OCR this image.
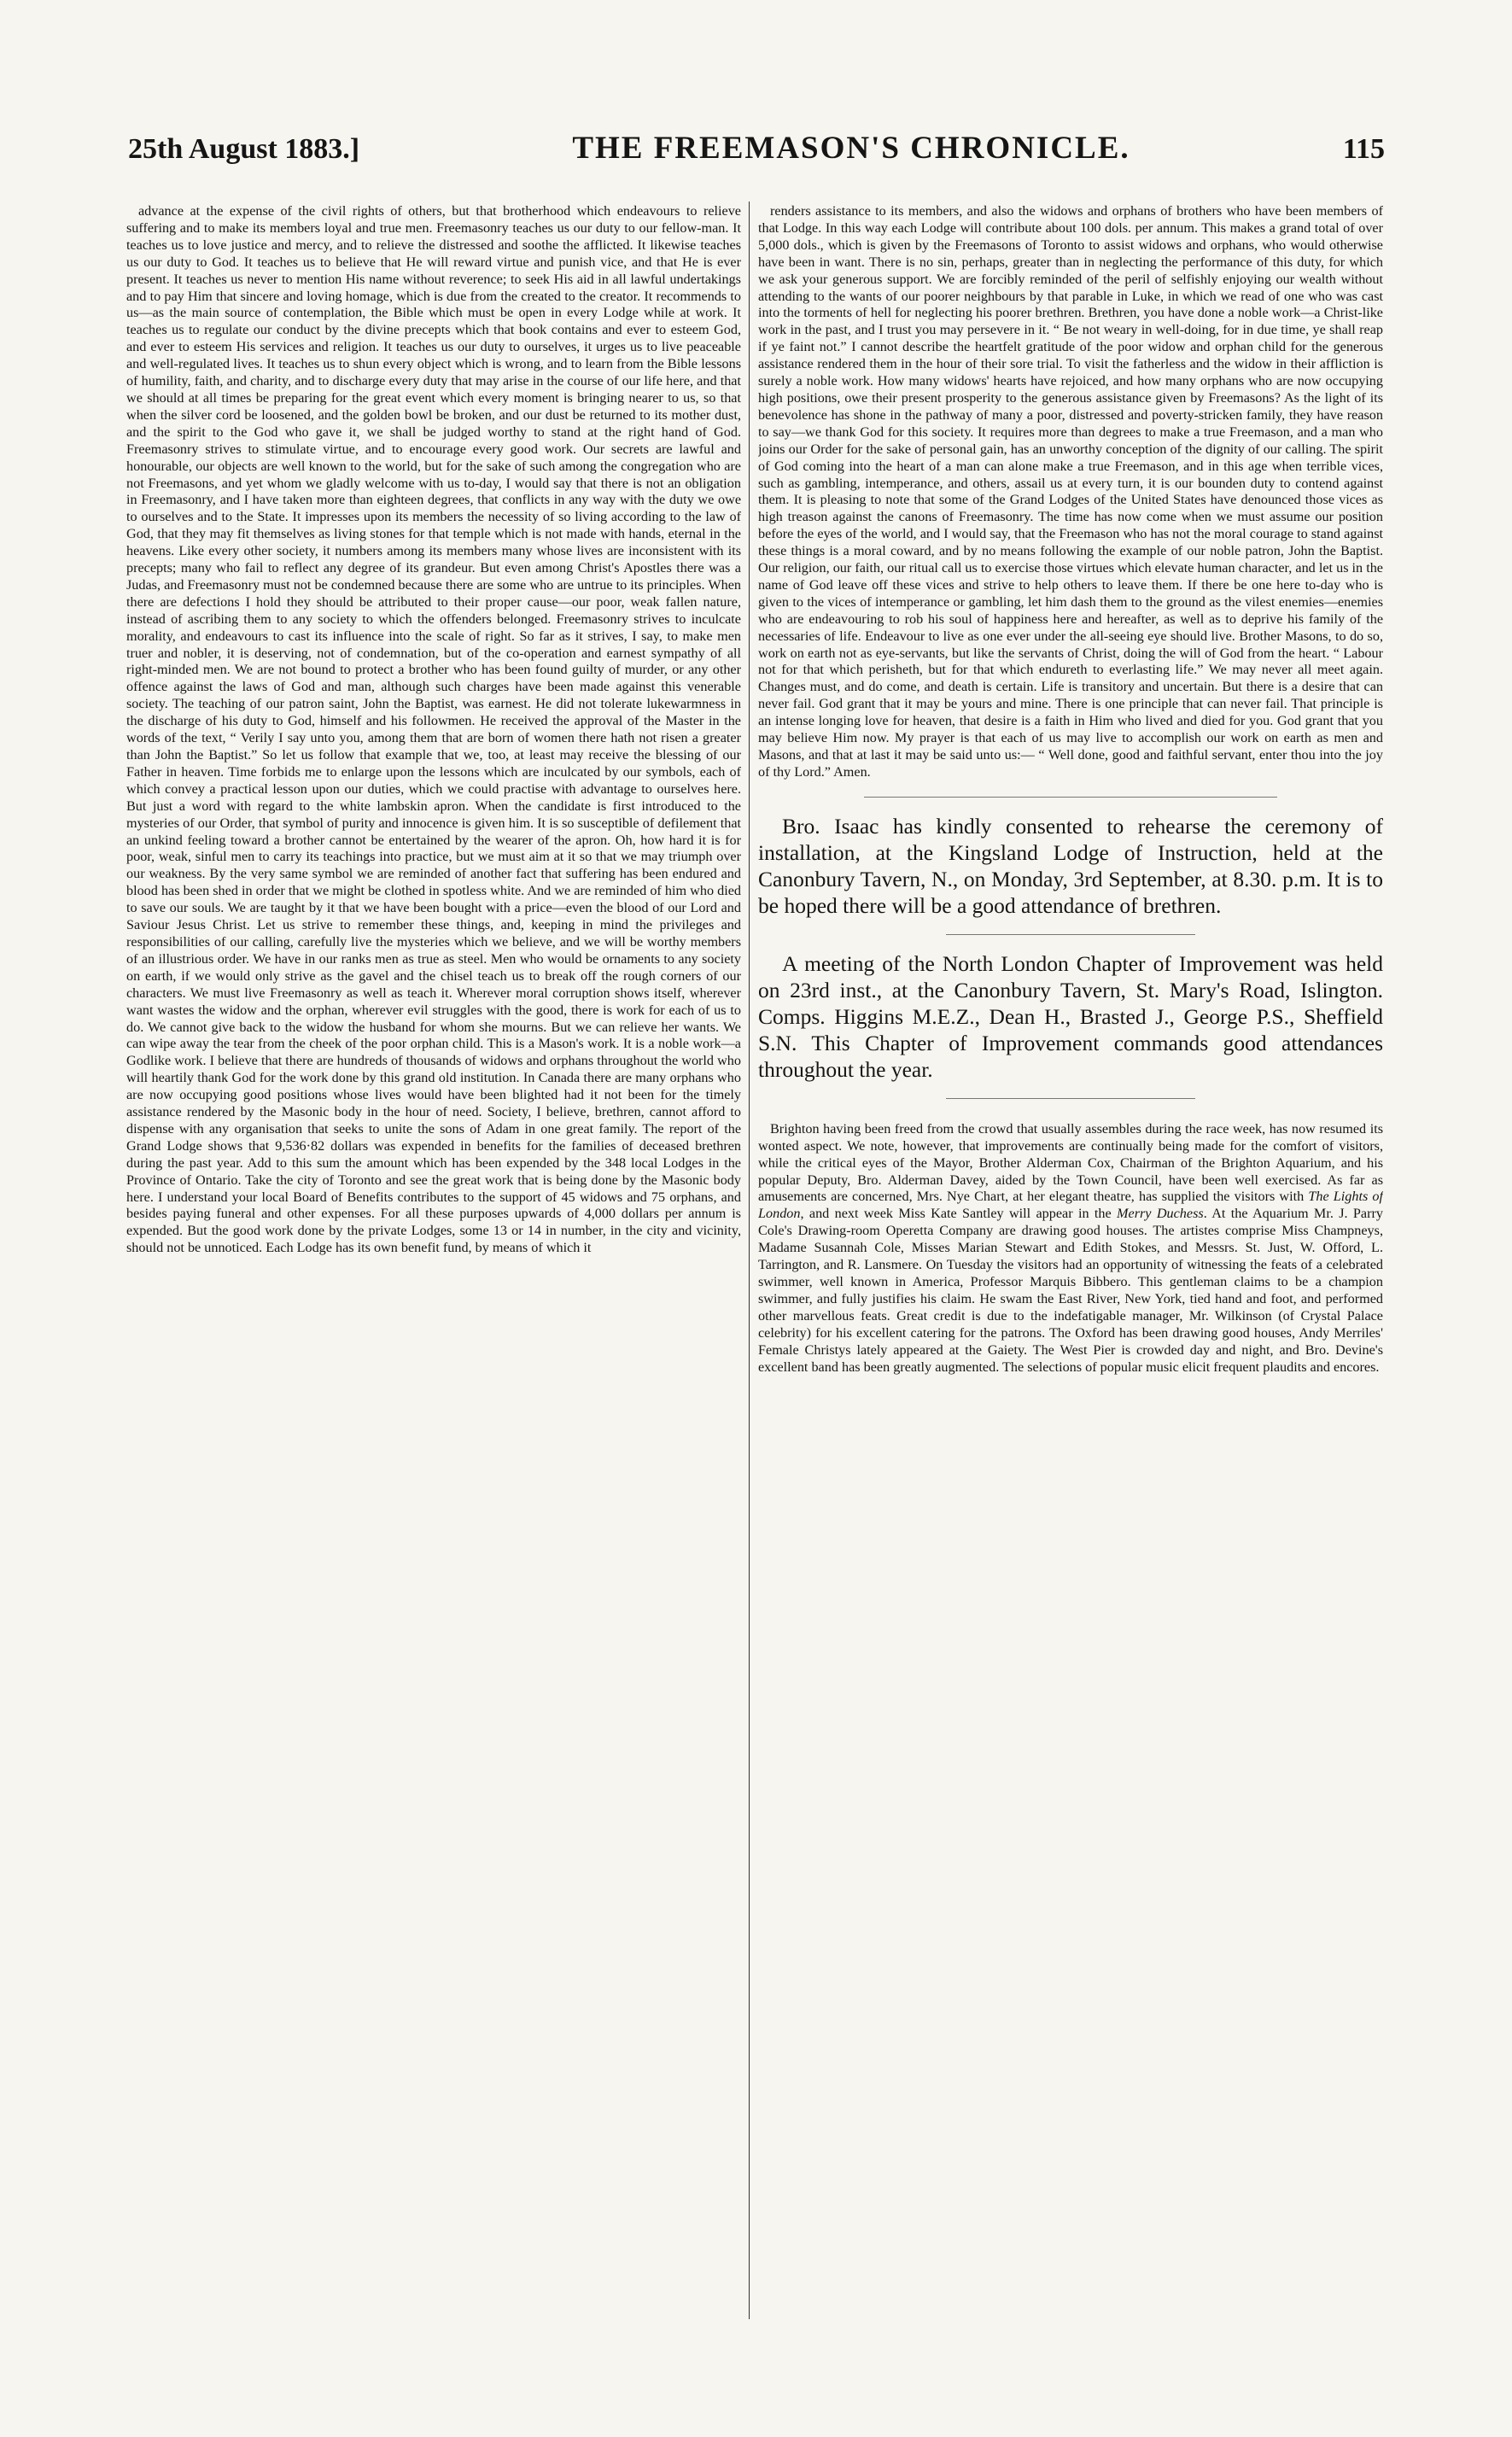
25th August 1883.]	THE FREEMASON'S CHRONICLE.	115

advance at the expense of the civil rights of others, but that brotherhood which endeavours to relieve suffering and to make its members loyal and true men. Freemasonry teaches us our duty to our fellow-man. It teaches us to love justice and mercy, and to relieve the distressed and soothe the afflicted. It likewise teaches us our duty to God. It teaches us to believe that He will reward virtue and punish vice, and that He is ever present. It teaches us never to mention His name without reverence; to seek His aid in all lawful undertakings and to pay Him that sincere and loving homage, which is due from the created to the creator. It recommends to us—as the main source of contemplation, the Bible which must be open in every Lodge while at work. It teaches us to regulate our conduct by the divine precepts which that book contains and ever to esteem God, and ever to esteem His services and religion. It teaches us our duty to ourselves, it urges us to live peaceable and well-regulated lives. It teaches us to shun every object which is wrong, and to learn from the Bible lessons of humility, faith, and charity, and to discharge every duty that may arise in the course of our life here, and that we should at all times be preparing for the great event which every moment is bringing nearer to us, so that when the silver cord be loosened, and the golden bowl be broken, and our dust be returned to its mother dust, and the spirit to the God who gave it, we shall be judged worthy to stand at the right hand of God. Freemasonry strives to stimulate virtue, and to encourage every good work. Our secrets are lawful and honourable, our objects are well known to the world, but for the sake of such among the congregation who are not Freemasons, and yet whom we gladly welcome with us to-day, I would say that there is not an obligation in Freemasonry, and I have taken more than eighteen degrees, that conflicts in any way with the duty we owe to ourselves and to the State. It impresses upon its members the necessity of so living according to the law of God, that they may fit themselves as living stones for that temple which is not made with hands, eternal in the heavens. Like every other society, it numbers among its members many whose lives are inconsistent with its precepts; many who fail to reflect any degree of its grandeur. But even among Christ's Apostles there was a Judas, and Freemasonry must not be condemned because there are some who are untrue to its principles. When there are defections I hold they should be attributed to their proper cause—our poor, weak fallen nature, instead of ascribing them to any society to which the offenders belonged. Freemasonry strives to inculcate morality, and endeavours to cast its influence into the scale of right. So far as it strives, I say, to make men truer and nobler, it is deserving, not of condemnation, but of the co-operation and earnest sympathy of all right-minded men. We are not bound to protect a brother who has been found guilty of murder, or any other offence against the laws of God and man, although such charges have been made against this venerable society. The teaching of our patron saint, John the Baptist, was earnest. He did not tolerate lukewarmness in the discharge of his duty to God, himself and his followmen. He received the approval of the Master in the words of the text, “ Verily I say unto you, among them that are born of women there hath not risen a greater than John the Baptist.” So let us follow that example that we, too, at least may receive the blessing of our Father in heaven. Time forbids me to enlarge upon the lessons which are inculcated by our symbols, each of which convey a practical lesson upon our duties, which we could practise with advantage to ourselves here. But just a word with regard to the white lambskin apron. When the candidate is first introduced to the mysteries of our Order, that symbol of purity and innocence is given him. It is so susceptible of defilement that an unkind feeling toward a brother cannot be entertained by the wearer of the apron. Oh, how hard it is for poor, weak, sinful men to carry its teachings into practice, but we must aim at it so that we may triumph over our weakness. By the very same symbol we are reminded of another fact that suffering has been endured and blood has been shed in order that we might be clothed in spotless white. And we are reminded of him who died to save our souls. We are taught by it that we have been bought with a price—even the blood of our Lord and Saviour Jesus Christ. Let us strive to remember these things, and, keeping in mind the privileges and responsibilities of our calling, carefully live the mysteries which we believe, and we will be worthy members of an illustrious order. We have in our ranks men as true as steel. Men who would be ornaments to any society on earth, if we would only strive as the gavel and the chisel teach us to break off the rough corners of our characters. We must live Freemasonry as well as teach it. Wherever moral corruption shows itself, wherever want wastes the widow and the orphan, wherever evil struggles with the good, there is work for each of us to do. We cannot give back to the widow the husband for whom she mourns. But we can relieve her wants. We can wipe away the tear from the cheek of the poor orphan child. This is a Mason's work. It is a noble work—a Godlike work. I believe that there are hundreds of thousands of widows and orphans throughout the world who will heartily thank God for the work done by this grand old institution. In Canada there are many orphans who are now occupying good positions whose lives would have been blighted had it not been for the timely assistance rendered by the Masonic body in the hour of need. Society, I believe, brethren, cannot afford to dispense with any organisation that seeks to unite the sons of Adam in one great family. The report of the Grand Lodge shows that 9,536·82 dollars was expended in benefits for the families of deceased brethren during the past year. Add to this sum the amount which has been expended by the 348 local Lodges in the Province of Ontario. Take the city of Toronto and see the great work that is being done by the Masonic body here. I understand your local Board of Benefits contributes to the support of 45 widows and 75 orphans, and besides paying funeral and other expenses. For all these purposes upwards of 4,000 dollars per annum is expended. But the good work done by the private Lodges, some 13 or 14 in number, in the city and vicinity, should not be unnoticed. Each Lodge has its own benefit fund, by means of which it

renders assistance to its members, and also the widows and orphans of brothers who have been members of that Lodge. In this way each Lodge will contribute about 100 dols. per annum. This makes a grand total of over 5,000 dols., which is given by the Freemasons of Toronto to assist widows and orphans, who would otherwise have been in want. There is no sin, perhaps, greater than in neglecting the performance of this duty, for which we ask your generous support. We are forcibly reminded of the peril of selfishly enjoying our wealth without attending to the wants of our poorer neighbours by that parable in Luke, in which we read of one who was cast into the torments of hell for neglecting his poorer brethren. Brethren, you have done a noble work—a Christ-like work in the past, and I trust you may persevere in it. “ Be not weary in well-doing, for in due time, ye shall reap if ye faint not.” I cannot describe the heartfelt gratitude of the poor widow and orphan child for the generous assistance rendered them in the hour of their sore trial. To visit the fatherless and the widow in their affliction is surely a noble work. How many widows' hearts have rejoiced, and how many orphans who are now occupying high positions, owe their present prosperity to the generous assistance given by Freemasons? As the light of its benevolence has shone in the pathway of many a poor, distressed and poverty-stricken family, they have reason to say—we thank God for this society. It requires more than degrees to make a true Freemason, and a man who joins our Order for the sake of personal gain, has an unworthy conception of the dignity of our calling. The spirit of God coming into the heart of a man can alone make a true Freemason, and in this age when terrible vices, such as gambling, intemperance, and others, assail us at every turn, it is our bounden duty to contend against them. It is pleasing to note that some of the Grand Lodges of the United States have denounced those vices as high treason against the canons of Freemasonry. The time has now come when we must assume our position before the eyes of the world, and I would say, that the Freemason who has not the moral courage to stand against these things is a moral coward, and by no means following the example of our noble patron, John the Baptist. Our religion, our faith, our ritual call us to exercise those virtues which elevate human character, and let us in the name of God leave off these vices and strive to help others to leave them. If there be one here to-day who is given to the vices of intemperance or gambling, let him dash them to the ground as the vilest enemies—enemies who are endeavouring to rob his soul of happiness here and hereafter, as well as to deprive his family of the necessaries of life. Endeavour to live as one ever under the all-seeing eye should live. Brother Masons, to do so, work on earth not as eye-servants, but like the servants of Christ, doing the will of God from the heart. “ Labour not for that which perisheth, but for that which endureth to everlasting life.” We may never all meet again. Changes must, and do come, and death is certain. Life is transitory and uncertain. But there is a desire that can never fail. God grant that it may be yours and mine. There is one principle that can never fail. That principle is an intense longing love for heaven, that desire is a faith in Him who lived and died for you. God grant that you may believe Him now. My prayer is that each of us may live to accomplish our work on earth as men and Masons, and that at last it may be said unto us:— “ Well done, good and faithful servant, enter thou into the joy of thy Lord.” Amen.

Bro. Isaac has kindly consented to rehearse the ceremony of installation, at the Kingsland Lodge of Instruction, held at the Canonbury Tavern, N., on Monday, 3rd September, at 8.30. p.m. It is to be hoped there will be a good attendance of brethren.

A meeting of the North London Chapter of Improvement was held on 23rd inst., at the Canonbury Tavern, St. Mary's Road, Islington. Comps. Higgins M.E.Z., Dean H., Brasted J., George P.S., Sheffield S.N. This Chapter of Improvement commands good attendances throughout the year.

Brighton having been freed from the crowd that usually assembles during the race week, has now resumed its wonted aspect. We note, however, that improvements are continually being made for the comfort of visitors, while the critical eyes of the Mayor, Brother Alderman Cox, Chairman of the Brighton Aquarium, and his popular Deputy, Bro. Alderman Davey, aided by the Town Council, have been well exercised. As far as amusements are concerned, Mrs. Nye Chart, at her elegant theatre, has supplied the visitors with The Lights of London, and next week Miss Kate Santley will appear in the Merry Duchess. At the Aquarium Mr. J. Parry Cole's Drawing-room Operetta Company are drawing good houses. The artistes comprise Miss Champneys, Madame Susannah Cole, Misses Marian Stewart and Edith Stokes, and Messrs. St. Just, W. Offord, L. Tarrington, and R. Lansmere. On Tuesday the visitors had an opportunity of witnessing the feats of a celebrated swimmer, well known in America, Professor Marquis Bibbero. This gentleman claims to be a champion swimmer, and fully justifies his claim. He swam the East River, New York, tied hand and foot, and performed other marvellous feats. Great credit is due to the indefatigable manager, Mr. Wilkinson (of Crystal Palace celebrity) for his excellent catering for the patrons. The Oxford has been drawing good houses, Andy Merriles' Female Christys lately appeared at the Gaiety. The West Pier is crowded day and night, and Bro. Devine's excellent band has been greatly augmented. The selections of popular music elicit frequent plaudits and encores.
